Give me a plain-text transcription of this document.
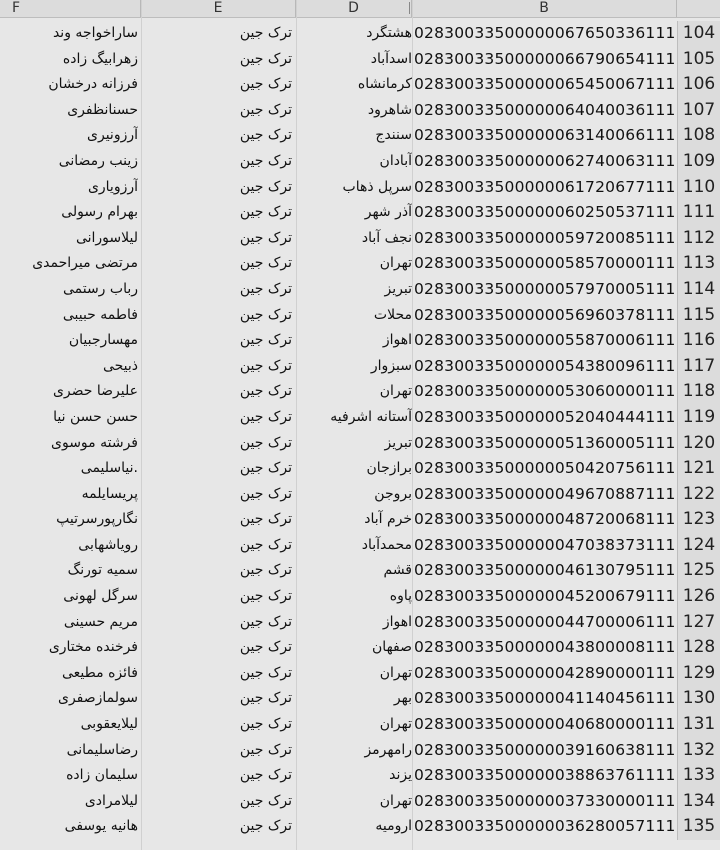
F	E	D	B
ساراخواجه وند	ترک جین	هشتگرد 02830033500000067650336111 104
زهرابیگ زاده	ترک جین	اسدآباد 02830033500000066790654111 105
فرزانه درخشان	ترک جین	کرمانشاه 02830033500000065450067111 106
حسنانظفری	ترک جین	شاهرود 02830033500000064040036111 107
آرزونیری	ترک جین	سنندج 02830033500000063140066111 108
زینب رمضانی	ترک جین	آبادان 02830033500000062740063111 109
آرزویاری	ترک جین	سرپل ذهاب 02830033500000061720677111 110
بهرام رسولی	ترک جین	آذر شهر 02830033500000060250537111 111
لیلاسورانی	ترک جین	نجف آباد 02830033500000059720085111 112
مرتضی میراحمدی	ترک جین	تهران 02830033500000058570000111 113
رباب رستمی	ترک جین	تبریز 02830033500000057970005111 114
فاطمه حبیبی	ترک جین	محلات 02830033500000056960378111 115
مهسارجبیان	ترک جین	اهواز 02830033500000055870006111 116
ذبیحی	ترک جین	سبزوار 02830033500000054380096111 117
علیرضا حضری	ترک جین	تهران 02830033500000053060000111 118
حسن حسن نیا	ترک جین	آستانه اشرفیه 02830033500000052040444111 119
فرشته موسوی	ترک جین	تبریز 02830033500000051360005111 120
.نیاسلیمی	ترک جین	برازجان 02830033500000050420756111 121
پریسایلمه	ترک جین	بروجن 02830033500000049670887111 122
نگارپورسرتیپ	ترک جین	خرم آباد 02830033500000048720068111 123
رویاشهابی	ترک جین	محمدآباد 02830033500000047038373111 124
سمیه تورنگ	ترک جین	قشم 02830033500000046130795111 125
سرگل لهونی	ترک جین	پاوه 02830033500000045200679111 126
مریم حسینی	ترک جین	اهواز 02830033500000044700006111 127
فرخنده مختاری	ترک جین	صفهان 02830033500000043800008111 128
فائزه مطیعی	ترک جین	تهران 02830033500000042890000111 129
سولمازصفری	ترک جین	بهر 02830033500000041140456111 130
لیلایعقوبی	ترک جین	تهران 02830033500000040680000111 131
رضاسلیمانی	ترک جین	رامهرمز 02830033500000039160638111 132
سلیمان زاده	ترک جین	یزند 02830033500000038863761111 133
لیلامرادی	ترک جین	تهران 02830033500000037330000111 134
هانیه یوسفی	ترک جین	ارومیه 02830033500000036280057111 135
